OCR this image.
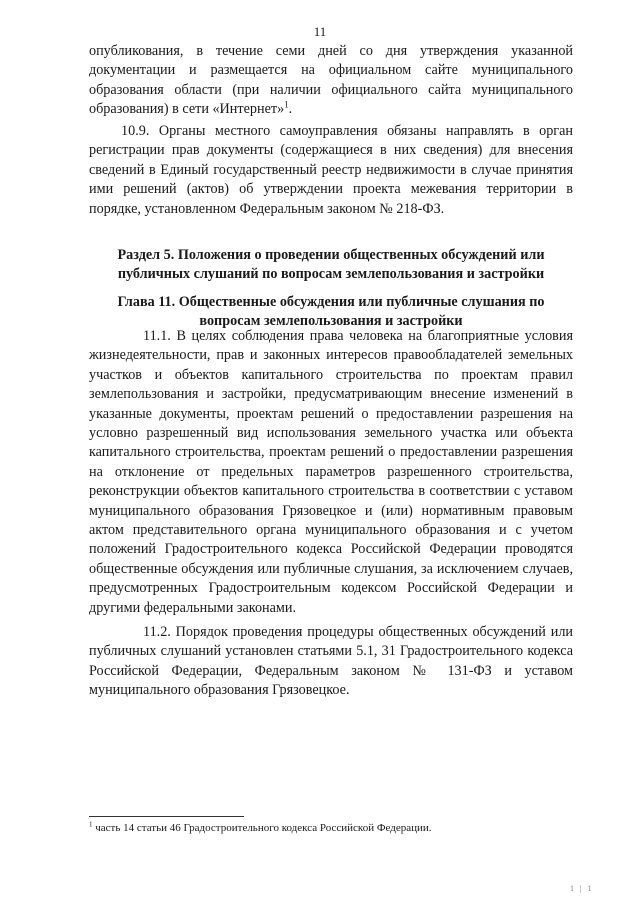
11

опубликования, в течение семи дней со дня утверждения указанной документации и размещается на официальном сайте муниципального образования области (при наличии официального сайта муниципального образования) в сети «Интернет»$^1$.

10.9. Органы местного самоуправления обязаны направлять в орган регистрации прав документы (содержащиеся в них сведения) для внесения сведений в Единый государственный реестр недвижимости в случае принятия ими решений (актов) об утверждении проекта межевания территории в порядке, установленном Федеральным законом № 218-ФЗ.

Раздел 5. Положения о проведении общественных обсуждений или публичных слушаний по вопросам землепользования и застройки
Глава 11. Общественные обсуждения или публичные слушания по вопросам землепользования и застройки

11.1. В целях соблюдения права человека на благоприятные условия жизнедеятельности, прав и законных интересов правообладателей земельных участков и объектов капитального строительства по проектам правил землепользования и застройки, предусматривающим внесение изменений в указанные документы, проектам решений о предоставлении разрешения на условно разрешенный вид использования земельного участка или объекта капитального строительства, проектам решений о предоставлении разрешения на отклонение от предельных параметров разрешенного строительства, реконструкции объектов капитального строительства в соответствии с уставом муниципального образования Грязовецкое и (или) нормативным правовым актом представительного органа муниципального образования и с учетом положений Градостроительного кодекса Российской Федерации проводятся общественные обсуждения или публичные слушания, за исключением случаев, предусмотренных Градостроительным кодексом Российской Федерации и другими федеральными законами.

11.2. Порядок проведения процедуры общественных обсуждений или публичных слушаний установлен статьями 5.1, 31 Градостроительного кодекса Российской Федерации, Федеральным законом № 131-ФЗ и уставом муниципального образования Грязовецкое.

$^1$ часть 14 статьи 46 Градостроительного кодекса Российской Федерации.
1 | 1
